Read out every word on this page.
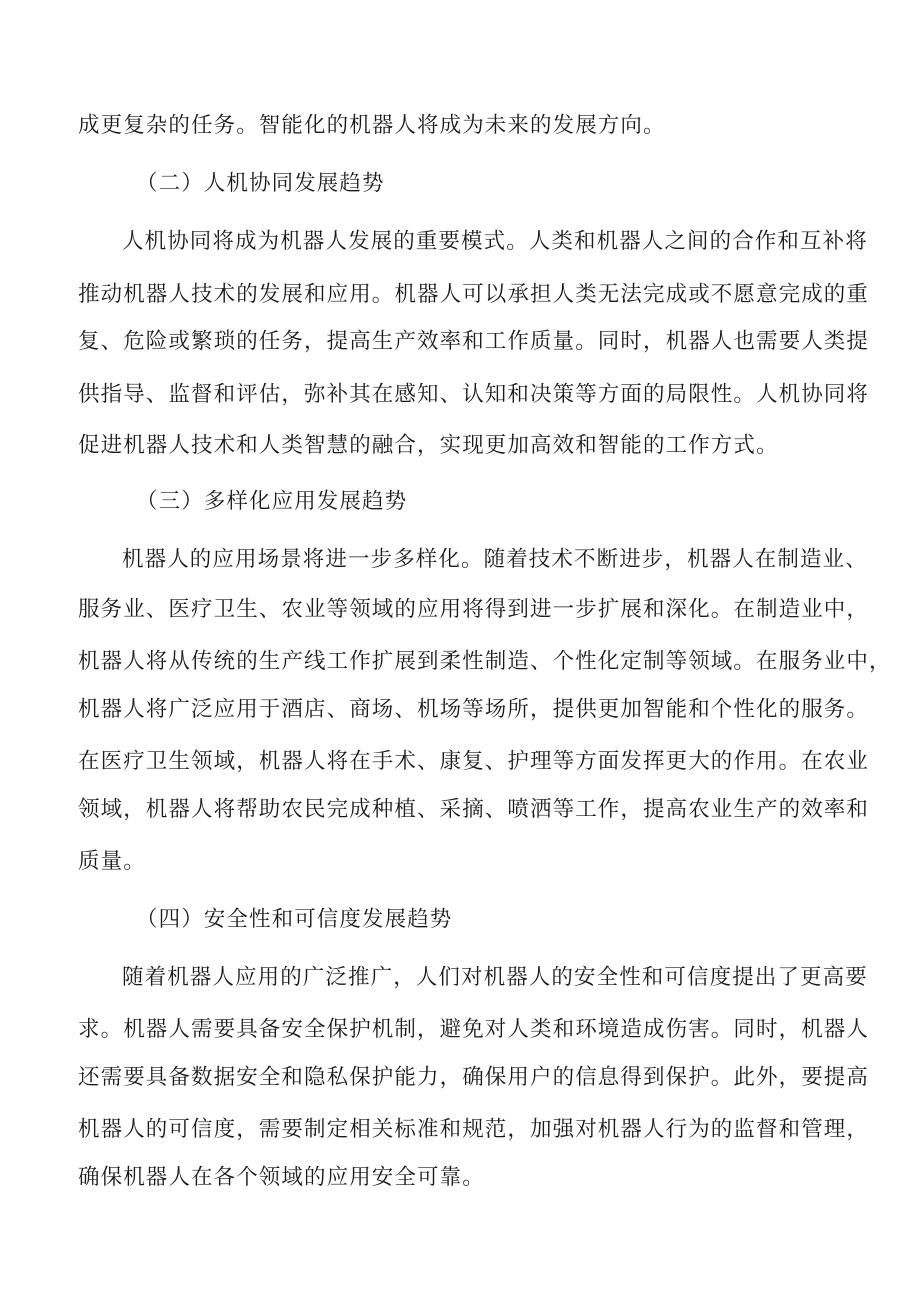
成更复杂的任务。智能化的机器人将成为未来的发展方向。
（二）人机协同发展趋势
人机协同将成为机器人发展的重要模式。人类和机器人之间的合作和互补将
推动机器人技术的发展和应用。机器人可以承担人类无法完成或不愿意完成的重
复、危险或繁琐的任务，提高生产效率和工作质量。同时，机器人也需要人类提
供指导、监督和评估，弥补其在感知、认知和决策等方面的局限性。人机协同将
促进机器人技术和人类智慧的融合，实现更加高效和智能的工作方式。
（三）多样化应用发展趋势
机器人的应用场景将进一步多样化。随着技术不断进步，机器人在制造业、
服务业、医疗卫生、农业等领域的应用将得到进一步扩展和深化。在制造业中，
机器人将从传统的生产线工作扩展到柔性制造、个性化定制等领域。在服务业中，
机器人将广泛应用于酒店、商场、机场等场所，提供更加智能和个性化的服务。
在医疗卫生领域，机器人将在手术、康复、护理等方面发挥更大的作用。在农业
领域，机器人将帮助农民完成种植、采摘、喷洒等工作，提高农业生产的效率和
质量。
（四）安全性和可信度发展趋势
随着机器人应用的广泛推广，人们对机器人的安全性和可信度提出了更高要
求。机器人需要具备安全保护机制，避免对人类和环境造成伤害。同时，机器人
还需要具备数据安全和隐私保护能力，确保用户的信息得到保护。此外，要提高
机器人的可信度，需要制定相关标准和规范，加强对机器人行为的监督和管理，
确保机器人在各个领域的应用安全可靠。
